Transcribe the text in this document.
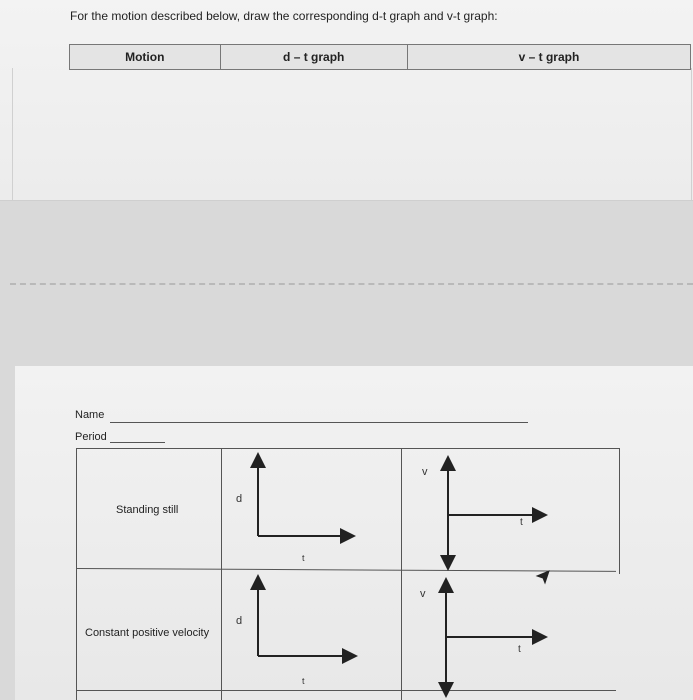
For the motion described below, draw the corresponding d-t graph and v-t graph:
Motion	d – t graph	v – t graph
Name
Period
Standing still
Constant positive velocity
d
t
v
t
d
t
v
t
